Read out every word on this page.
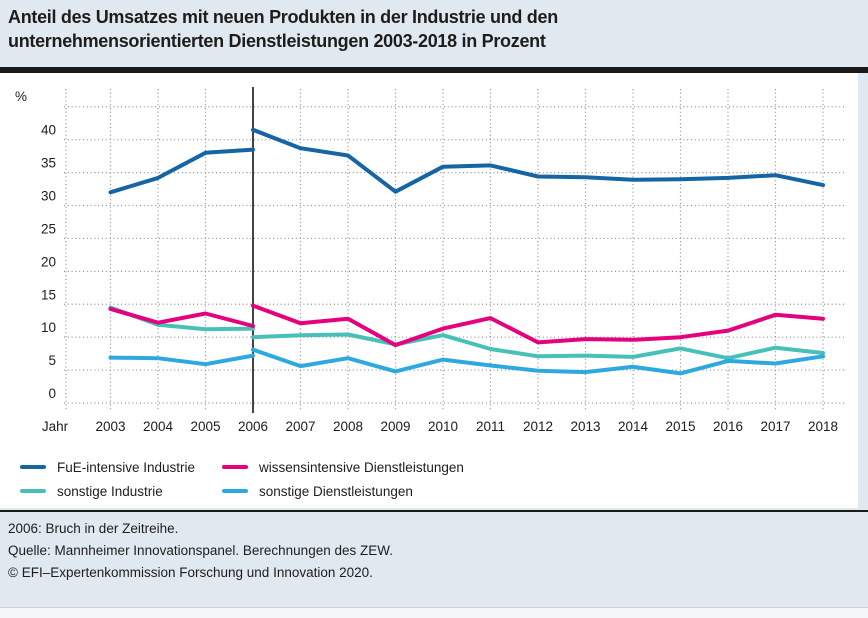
Anteil des Umsatzes mit neuen Produkten in der Industrie und den
unternehmensorientierten Dienstleistungen 2003-2018 in Prozent
0
5
10
15
20
25
30
35
40
%
Jahr 2003 2004 2005 2006 2007 2008 2009 2010 2011 2012 2013 2014 2015 2016 2017 2018
FuE-intensive Industrie	wissensintensive Dienstleistungen
sonstige Industrie	sonstige Dienstleistungen
2006: Bruch in der Zeitreihe.
Quelle: Mannheimer Innovationspanel. Berechnungen des ZEW.
© EFI–Expertenkommission Forschung und Innovation 2020.
